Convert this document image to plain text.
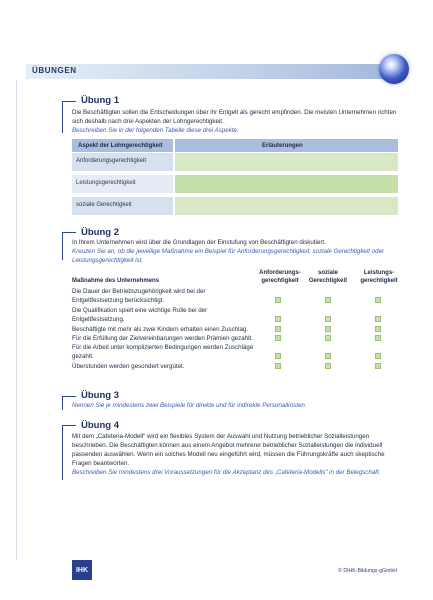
ÜBUNGEN
Übung 1
Die Beschäftigten sollen die Entscheidungen über ihr Entgelt als gerecht empfinden. Die meisten Unternehmen richten
sich deshalb nach drei Aspekten der Lohngerechtigkeit.
Beschreiben Sie in der folgenden Tabelle diese drei Aspekte.
Aspekt der Lohngerechtigkeit	Erläuterungen
Anforderungsgerechtigkeit
Leistungsgerechtigkeit
soziale Gerechtigkeit
Übung 2
In Ihrem Unternehmen wird über die Grundlagen der Einstufung von Beschäftigten diskutiert.
Kreuzen Sie an, ob die jeweilige Maßnahme ein Beispiel für Anforderungsgerechtigkeit, soziale Gerechtigkeit oder
Leistungsgerechtigkeit ist.
Anforderungs-
gerechtigkeit
soziale
Gerechtigkeit
Leistungs-
gerechtigkeit
Maßnahme des Unternehmens
Die Dauer der Betriebszugehörigkeit wird bei der
Entgeltfestsetzung berücksichtigt.
Die Qualifikation spielt eine wichtige Rolle bei der
Entgeltfestsetzung.
Beschäftigte mit mehr als zwei Kindern erhalten einen Zuschlag.
Für die Erfüllung der Zielvereinbarungen werden Prämien gezahlt.
Für die Arbeit unter komplizierten Bedingungen werden Zuschläge
gezahlt.
Überstunden werden gesondert vergütet.
Übung 3
Nennen Sie je mindestens zwei Beispiele für direkte und für indirekte Personalkosten.
Übung 4
Mit dem „Cafeteria-Modell“ wird ein flexibles System der Auswahl und Nutzung betrieblicher Sozialleistungen
beschrieben. Die Beschäftigten können aus einem Angebot mehrerer betrieblicher Sozialleistungen die individuell
passenden auswählen. Wenn ein solches Modell neu eingeführt wird, müssen die Führungskräfte auch skeptische
Fragen beantworten.
Beschreiben Sie mindestens drei Voraussetzungen für die Akzeptanz des „Cafeteria-Modells“ in der Belegschaft.
IHK	© DIHK-Bildungs-gGmbH
